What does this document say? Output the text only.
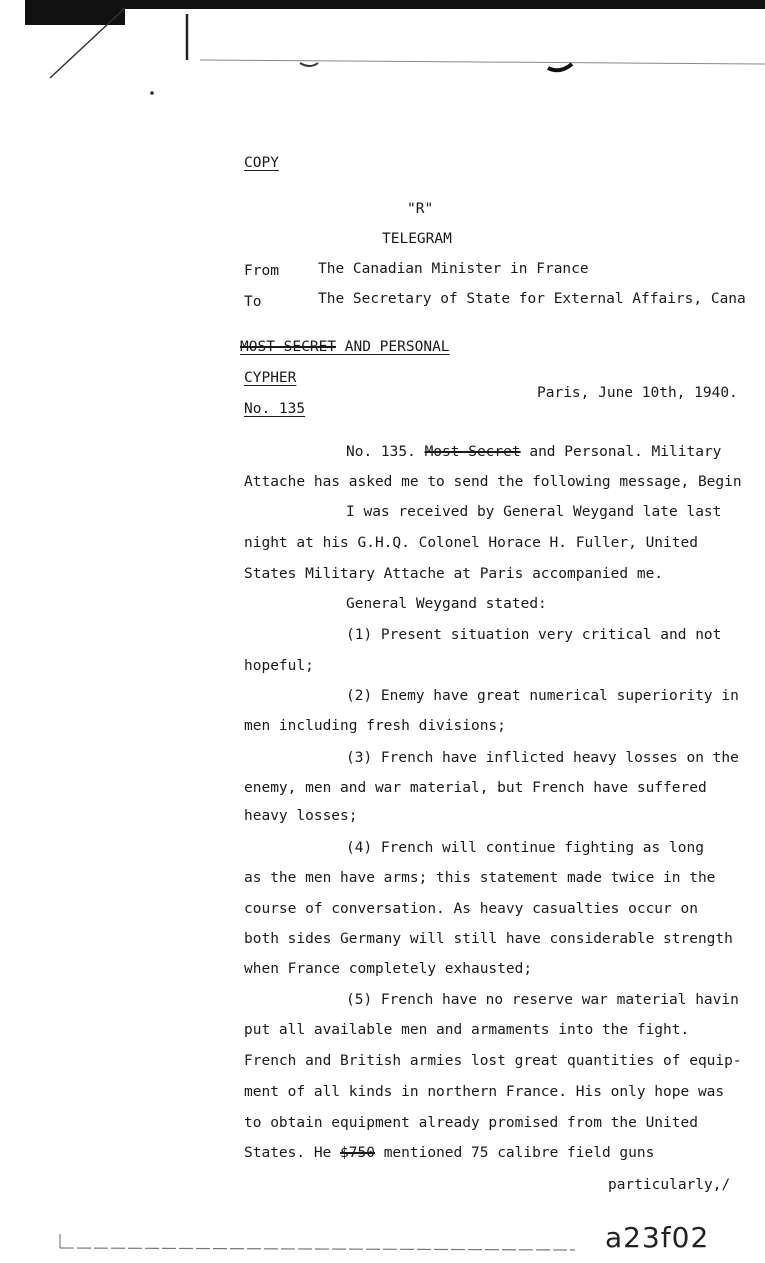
COPY
"R"
TELEGRAM
From	The Canadian Minister in France
To	The Secretary of State for External Affairs, Cana
MOST SECRET AND PERSONAL
CYPHER
No. 135
Paris, June 10th, 1940.
No. 135. Most Secret and Personal. Military
Attache has asked me to send the following message, Begin
I was received by General Weygand late last
night at his G.H.Q. Colonel Horace H. Fuller, United
States Military Attache at Paris accompanied me.
General Weygand stated:
(1) Present situation very critical and not
hopeful;
(2) Enemy have great numerical superiority in
men including fresh divisions;
(3) French have inflicted heavy losses on the
enemy, men and war material, but French have suffered
heavy losses;
(4) French will continue fighting as long
as the men have arms; this statement made twice in the
course of conversation. As heavy casualties occur on
both sides Germany will still have considerable strength
when France completely exhausted;
(5) French have no reserve war material havin
put all available men and armaments into the fight.
French and British armies lost great quantities of equip-
ment of all kinds in northern France. His only hope was
to obtain equipment already promised from the United
States. He $750 mentioned 75 calibre field guns
particularly,/
a23f02
